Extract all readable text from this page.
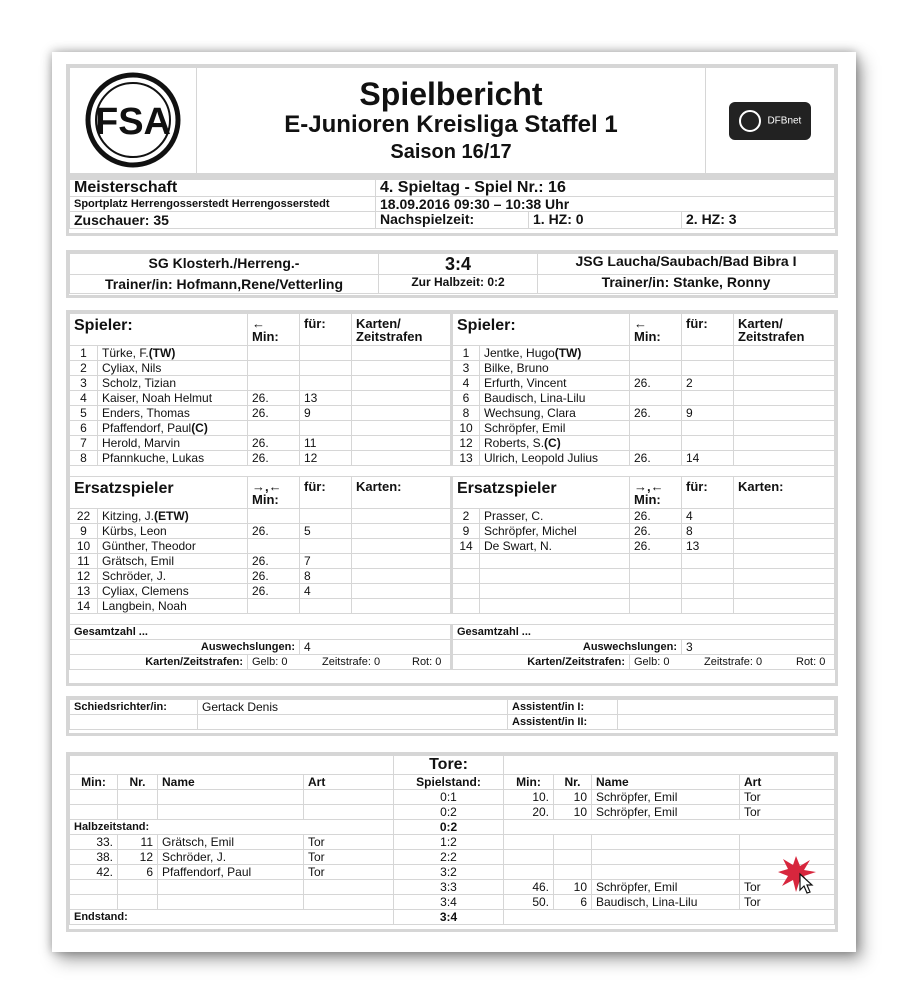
FSA

Spielbericht
E-Junioren Kreisliga Staffel 1
Saison 16/17
	DFBnet
Meisterschaft	4. Spieltag - Spiel Nr.: 16		
Sportplatz Herrengosserstedt Herrengosserstedt	18.09.2016 09:30 – 10:38 Uhr		
Zuschauer: 35	Nachspielzeit:	1. HZ: 0	2. HZ: 3
SG Klosterh./Herreng.-	3:4	JSG Laucha/Saubach/Bad Bibra I
Trainer/in: Hofmann,Rene/Vetterling	Zur Halbzeit: 0:2	Trainer/in: Stanke, Ronny
Spieler:		← Min:	für:	Karten/ Zeitstrafen	Spieler:		← Min:	für:	Karten/ Zeitstrafen
1	Türke, F.(TW)				1	Jentke, Hugo(TW)			
2	Cyliax, Nils				3	Bilke, Bruno			
3	Scholz, Tizian				4	Erfurth, Vincent	26.	2	
4	Kaiser, Noah Helmut	26.	13		6	Baudisch, Lina-Lilu			
5	Enders, Thomas	26.	9		8	Wechsung, Clara	26.	9	
6	Pfaffendorf, Paul(C)				10	Schröpfer, Emil			
7	Herold, Marvin	26.	11		12	Roberts, S.(C)			
8	Pfannkuche, Lukas	26.	12		13	Ulrich, Leopold Julius	26.	14	

Ersatzspieler		→,← Min:	für:	Karten:	Ersatzspieler		→,← Min:	für:	Karten:
22	Kitzing, J.(ETW)				2	Prasser, C.	26.	4	
9	Kürbs, Leon	26.	5		9	Schröpfer, Michel	26.	8	
10	Günther, Theodor				14	De Swart, N.	26.	13	
11	Grätsch, Emil	26.	7						
12	Schröder, J.	26.	8						
13	Cyliax, Clemens	26.	4						
14	Langbein, Noah								

Gesamtzahl ...					Gesamtzahl ...				
Auswechslungen:			4		Auswechslungen:			3	
Karten/Zeitstrafen:		Gelb: 0 Zeitstrafe: 0 Rot: 0			Karten/Zeitstrafen:		Gelb: 0 Zeitstrafe: 0 Rot: 0		
Schiedsrichter/in:	Gertack Denis	Assistent/in I:	
		Assistent/in II:	
				Tore:				
Min:	Nr.	Name	Art	Spielstand:	Min:	Nr.	Name	Art
				0:1	10.	10	Schröpfer, Emil	Tor
				0:2	20.	10	Schröpfer, Emil	Tor
Halbzeitstand:				0:2				
33.	11	Grätsch, Emil	Tor	1:2				
38.	12	Schröder, J.	Tor	2:2				
42.	6	Pfaffendorf, Paul	Tor	3:2				
				3:3	46.	10	Schröpfer, Emil	Tor
				3:4	50.	6	Baudisch, Lina-Lilu	Tor
Endstand:				3:4				
